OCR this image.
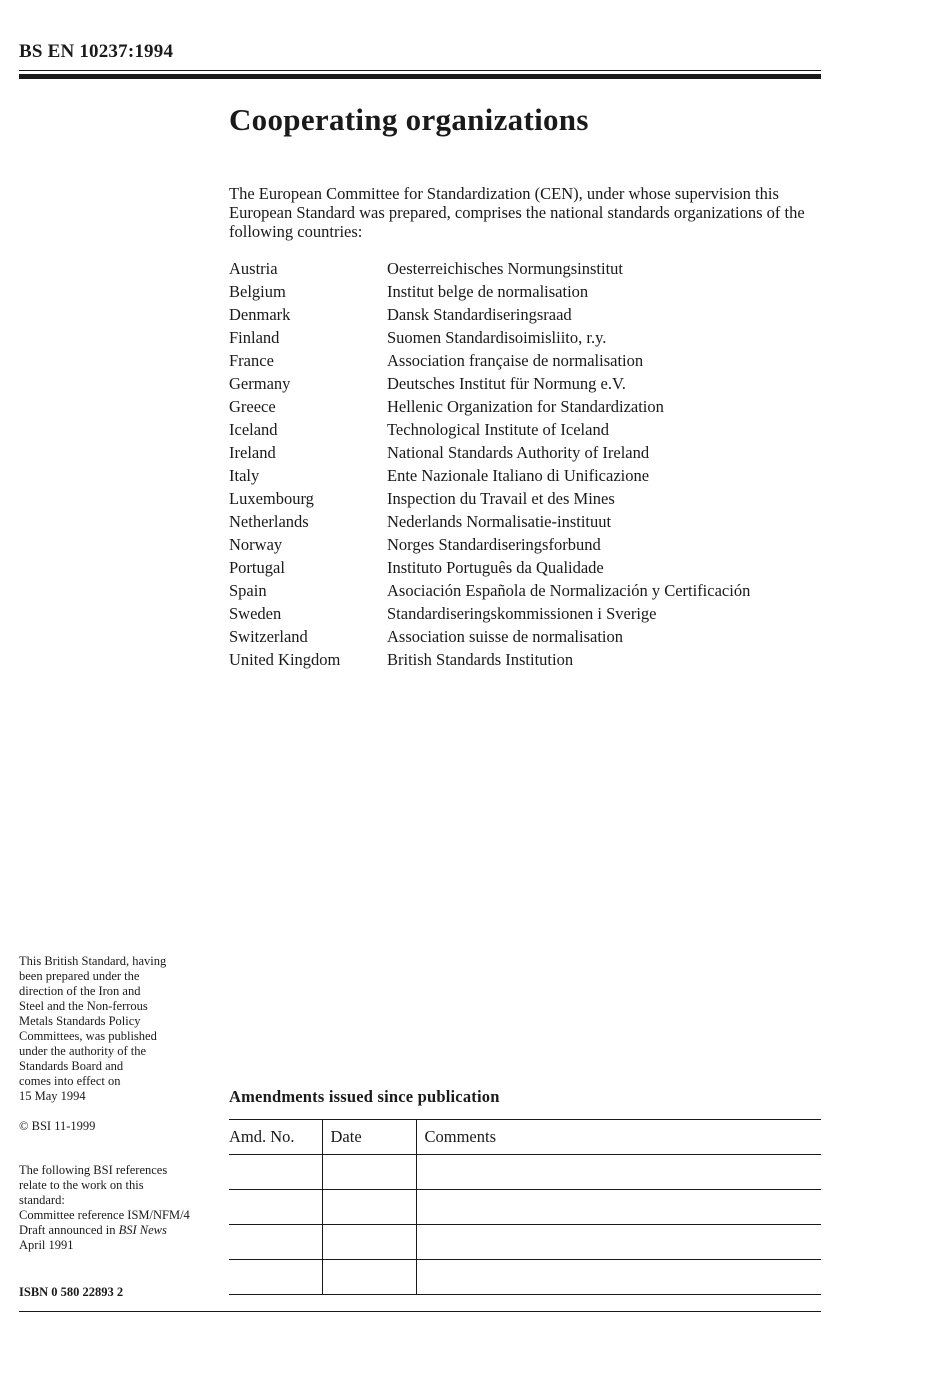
BS EN 10237:1994
Cooperating organizations

The European Committee for Standardization (CEN), under whose supervision this European Standard was prepared, comprises the national standards organizations of the following countries:

Austria	Oesterreichisches Normungsinstitut
Belgium	Institut belge de normalisation
Denmark	Dansk Standardiseringsraad
Finland	Suomen Standardisoimisliito, r.y.
France	Association française de normalisation
Germany	Deutsches Institut für Normung e.V.
Greece	Hellenic Organization for Standardization
Iceland	Technological Institute of Iceland
Ireland	National Standards Authority of Ireland
Italy	Ente Nazionale Italiano di Unificazione
Luxembourg	Inspection du Travail et des Mines
Netherlands	Nederlands Normalisatie-instituut
Norway	Norges Standardiseringsforbund
Portugal	Instituto Português da Qualidade
Spain	Asociación Española de Normalización y Certificación
Sweden	Standardiseringskommissionen i Sverige
Switzerland	Association suisse de normalisation
United Kingdom	British Standards Institution
This British Standard, having
been prepared under the
direction of the Iron and
Steel and the Non-ferrous
Metals Standards Policy
Committees, was published
under the authority of the
Standards Board and
comes into effect on
15 May 1994
© BSI 11-1999
The following BSI references
relate to the work on this
standard:
Committee reference ISM/NFM/4
Draft announced in BSI News
April 1991
ISBN 0 580 22893 2
Amendments issued since publication
Amd. No.	Date	Comments
